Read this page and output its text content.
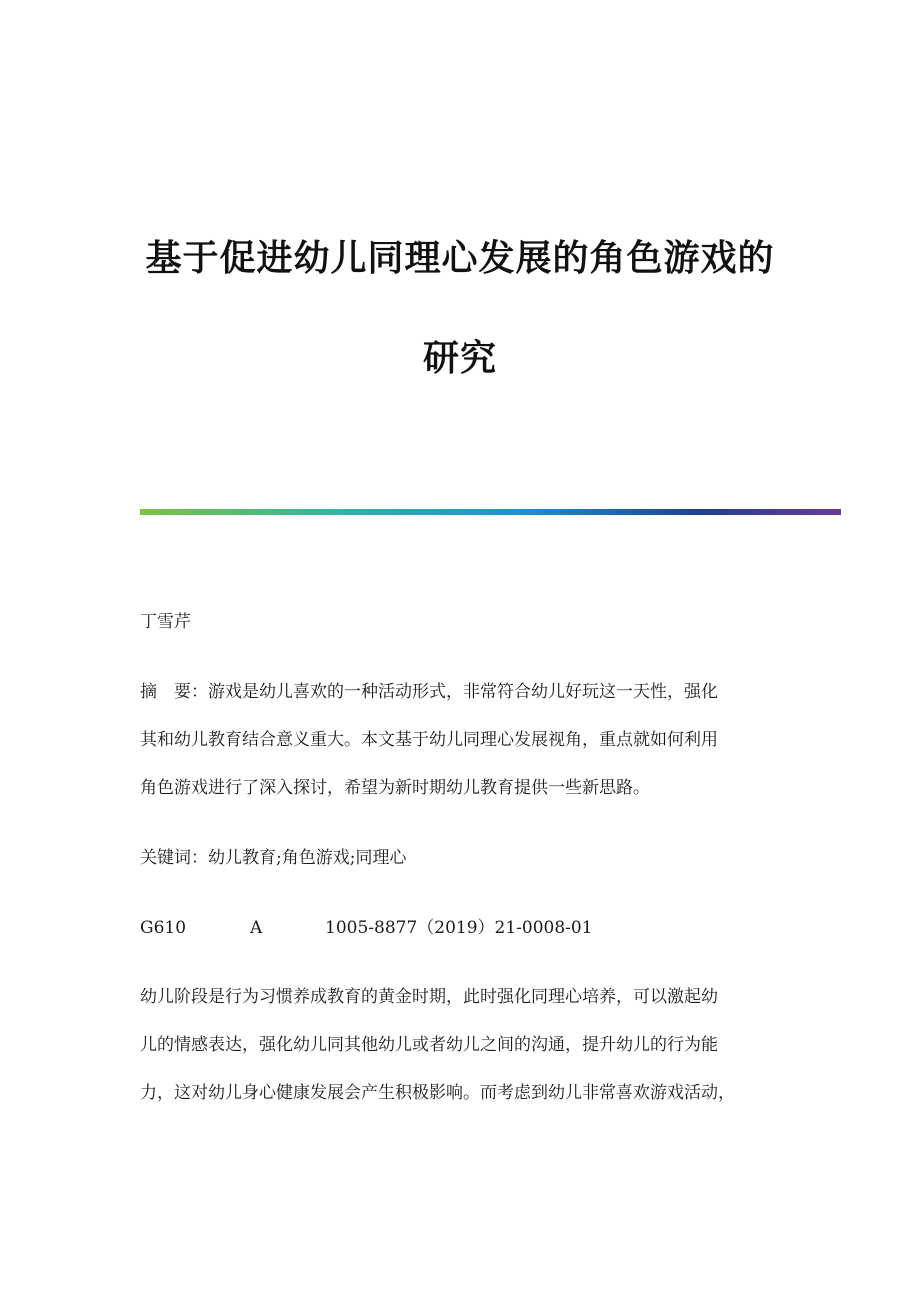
基于促进幼儿同理心发展的角色游戏的
研究
丁雪芹
摘　要：游戏是幼儿喜欢的一种活动形式，非常符合幼儿好玩这一天性，强化
其和幼儿教育结合意义重大。本文基于幼儿同理心发展视角，重点就如何利用
角色游戏进行了深入探讨，希望为新时期幼儿教育提供一些新思路。
关键词：幼儿教育;角色游戏;同理心
G610	A	1005-8877（2019）21-0008-01
幼儿阶段是行为习惯养成教育的黄金时期，此时强化同理心培养，可以激起幼
儿的情感表达，强化幼儿同其他幼儿或者幼儿之间的沟通，提升幼儿的行为能
力，这对幼儿身心健康发展会产生积极影响。而考虑到幼儿非常喜欢游戏活动，
